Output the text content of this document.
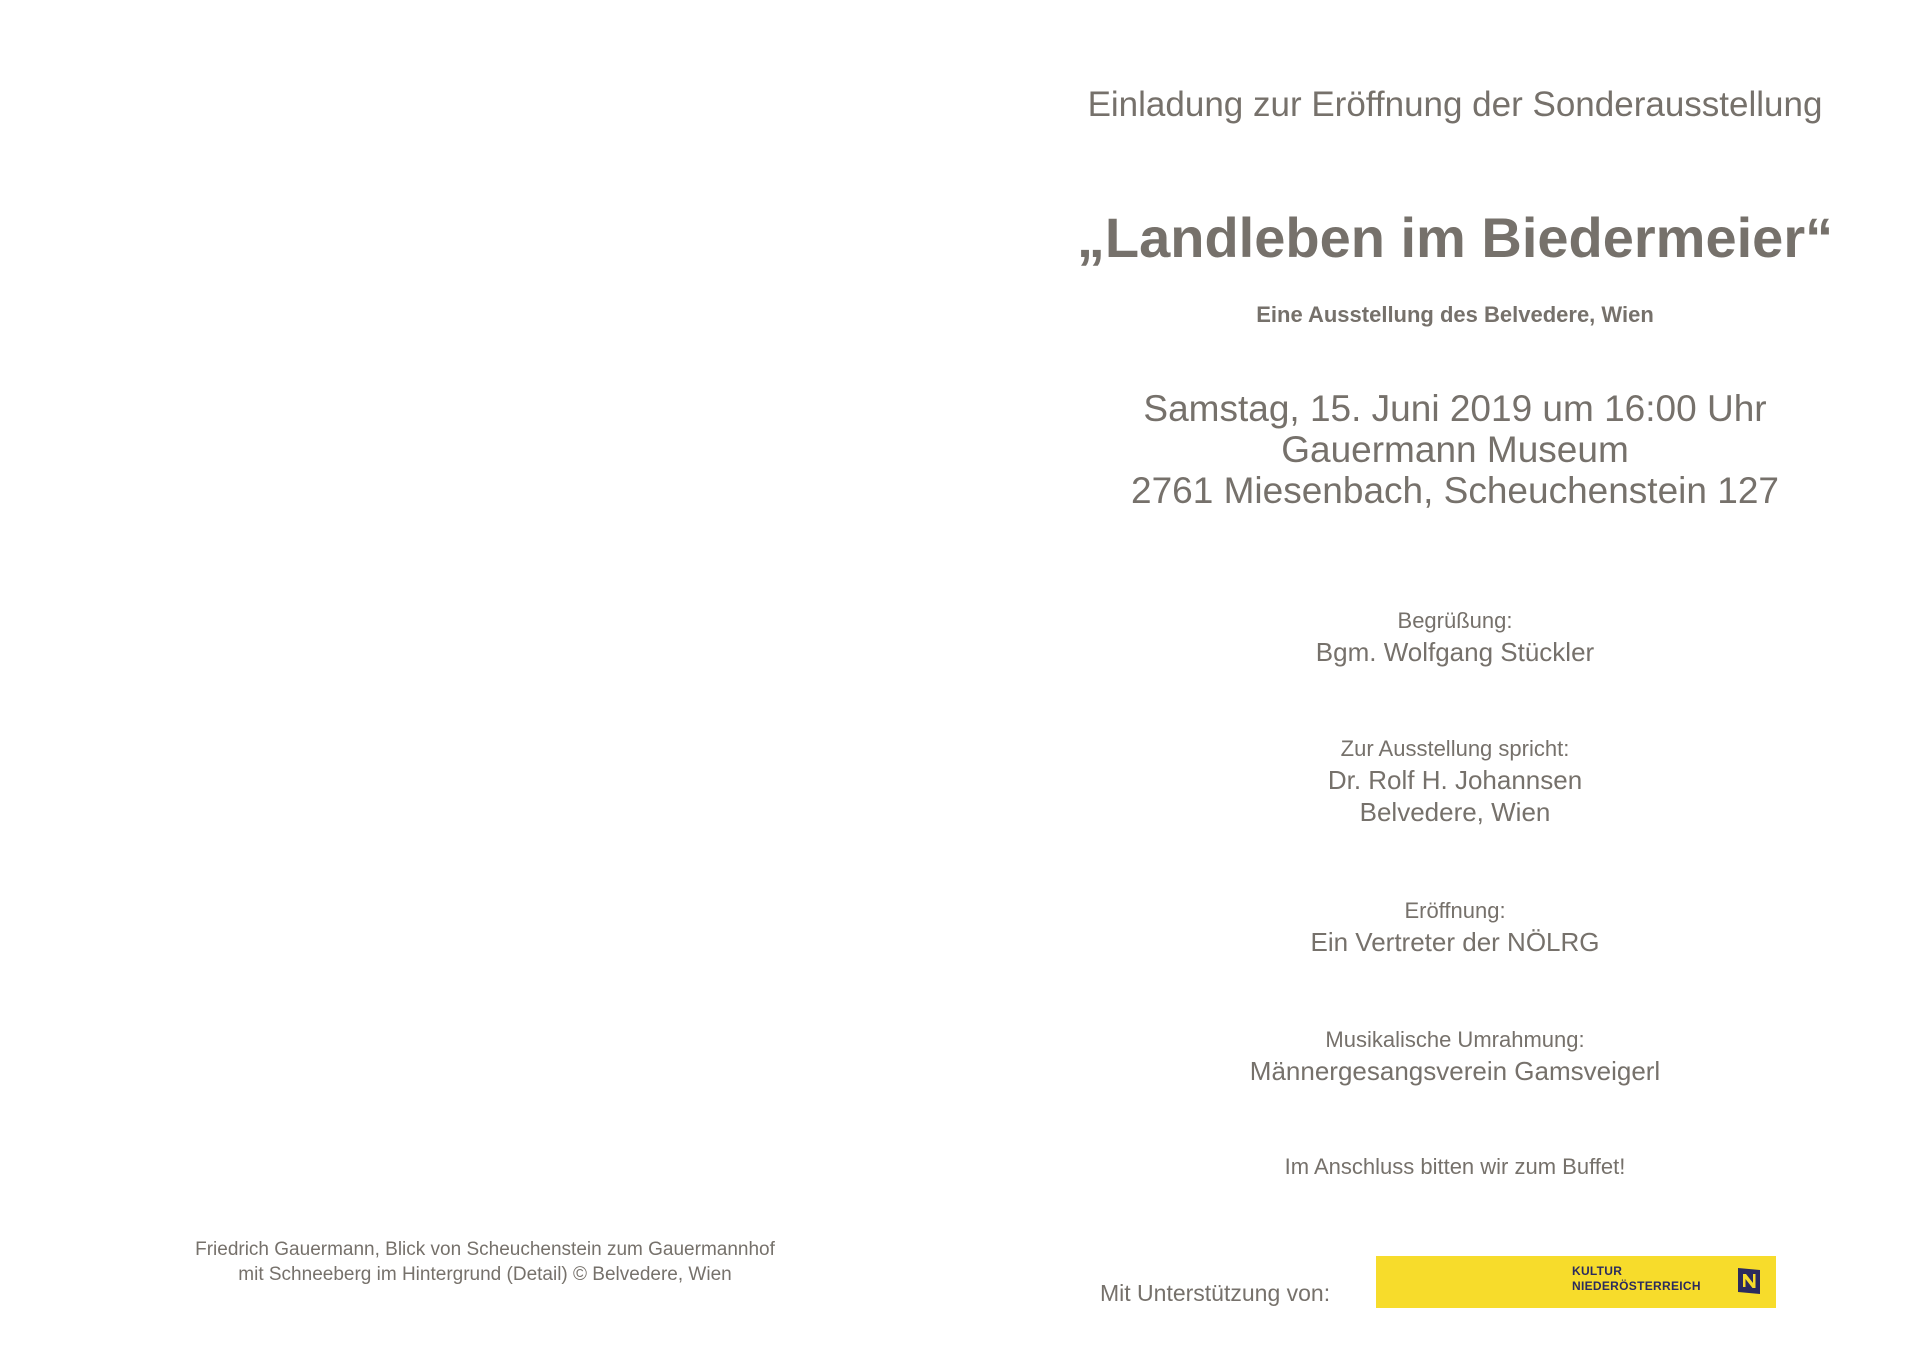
Einladung zur Eröffnung der Sonderausstellung
„Landleben im Biedermeier“
Eine Ausstellung des Belvedere, Wien
Samstag, 15. Juni 2019 um 16:00 Uhr
Gauermann Museum
2761 Miesenbach, Scheuchenstein 127
Begrüßung:
Bgm. Wolfgang Stückler
Zur Ausstellung spricht:
Dr. Rolf H. Johannsen
Belvedere, Wien
Eröffnung:
Ein Vertreter der NÖLRG
Musikalische Umrahmung:
Männergesangsverein Gamsveigerl
Im Anschluss bitten wir zum Buffet!
Friedrich Gauermann, Blick von Scheuchenstein zum Gauermannhof
mit Schneeberg im Hintergrund (Detail) © Belvedere, Wien
Mit Unterstützung von:
KULTUR
NIEDERÖSTERREICH
